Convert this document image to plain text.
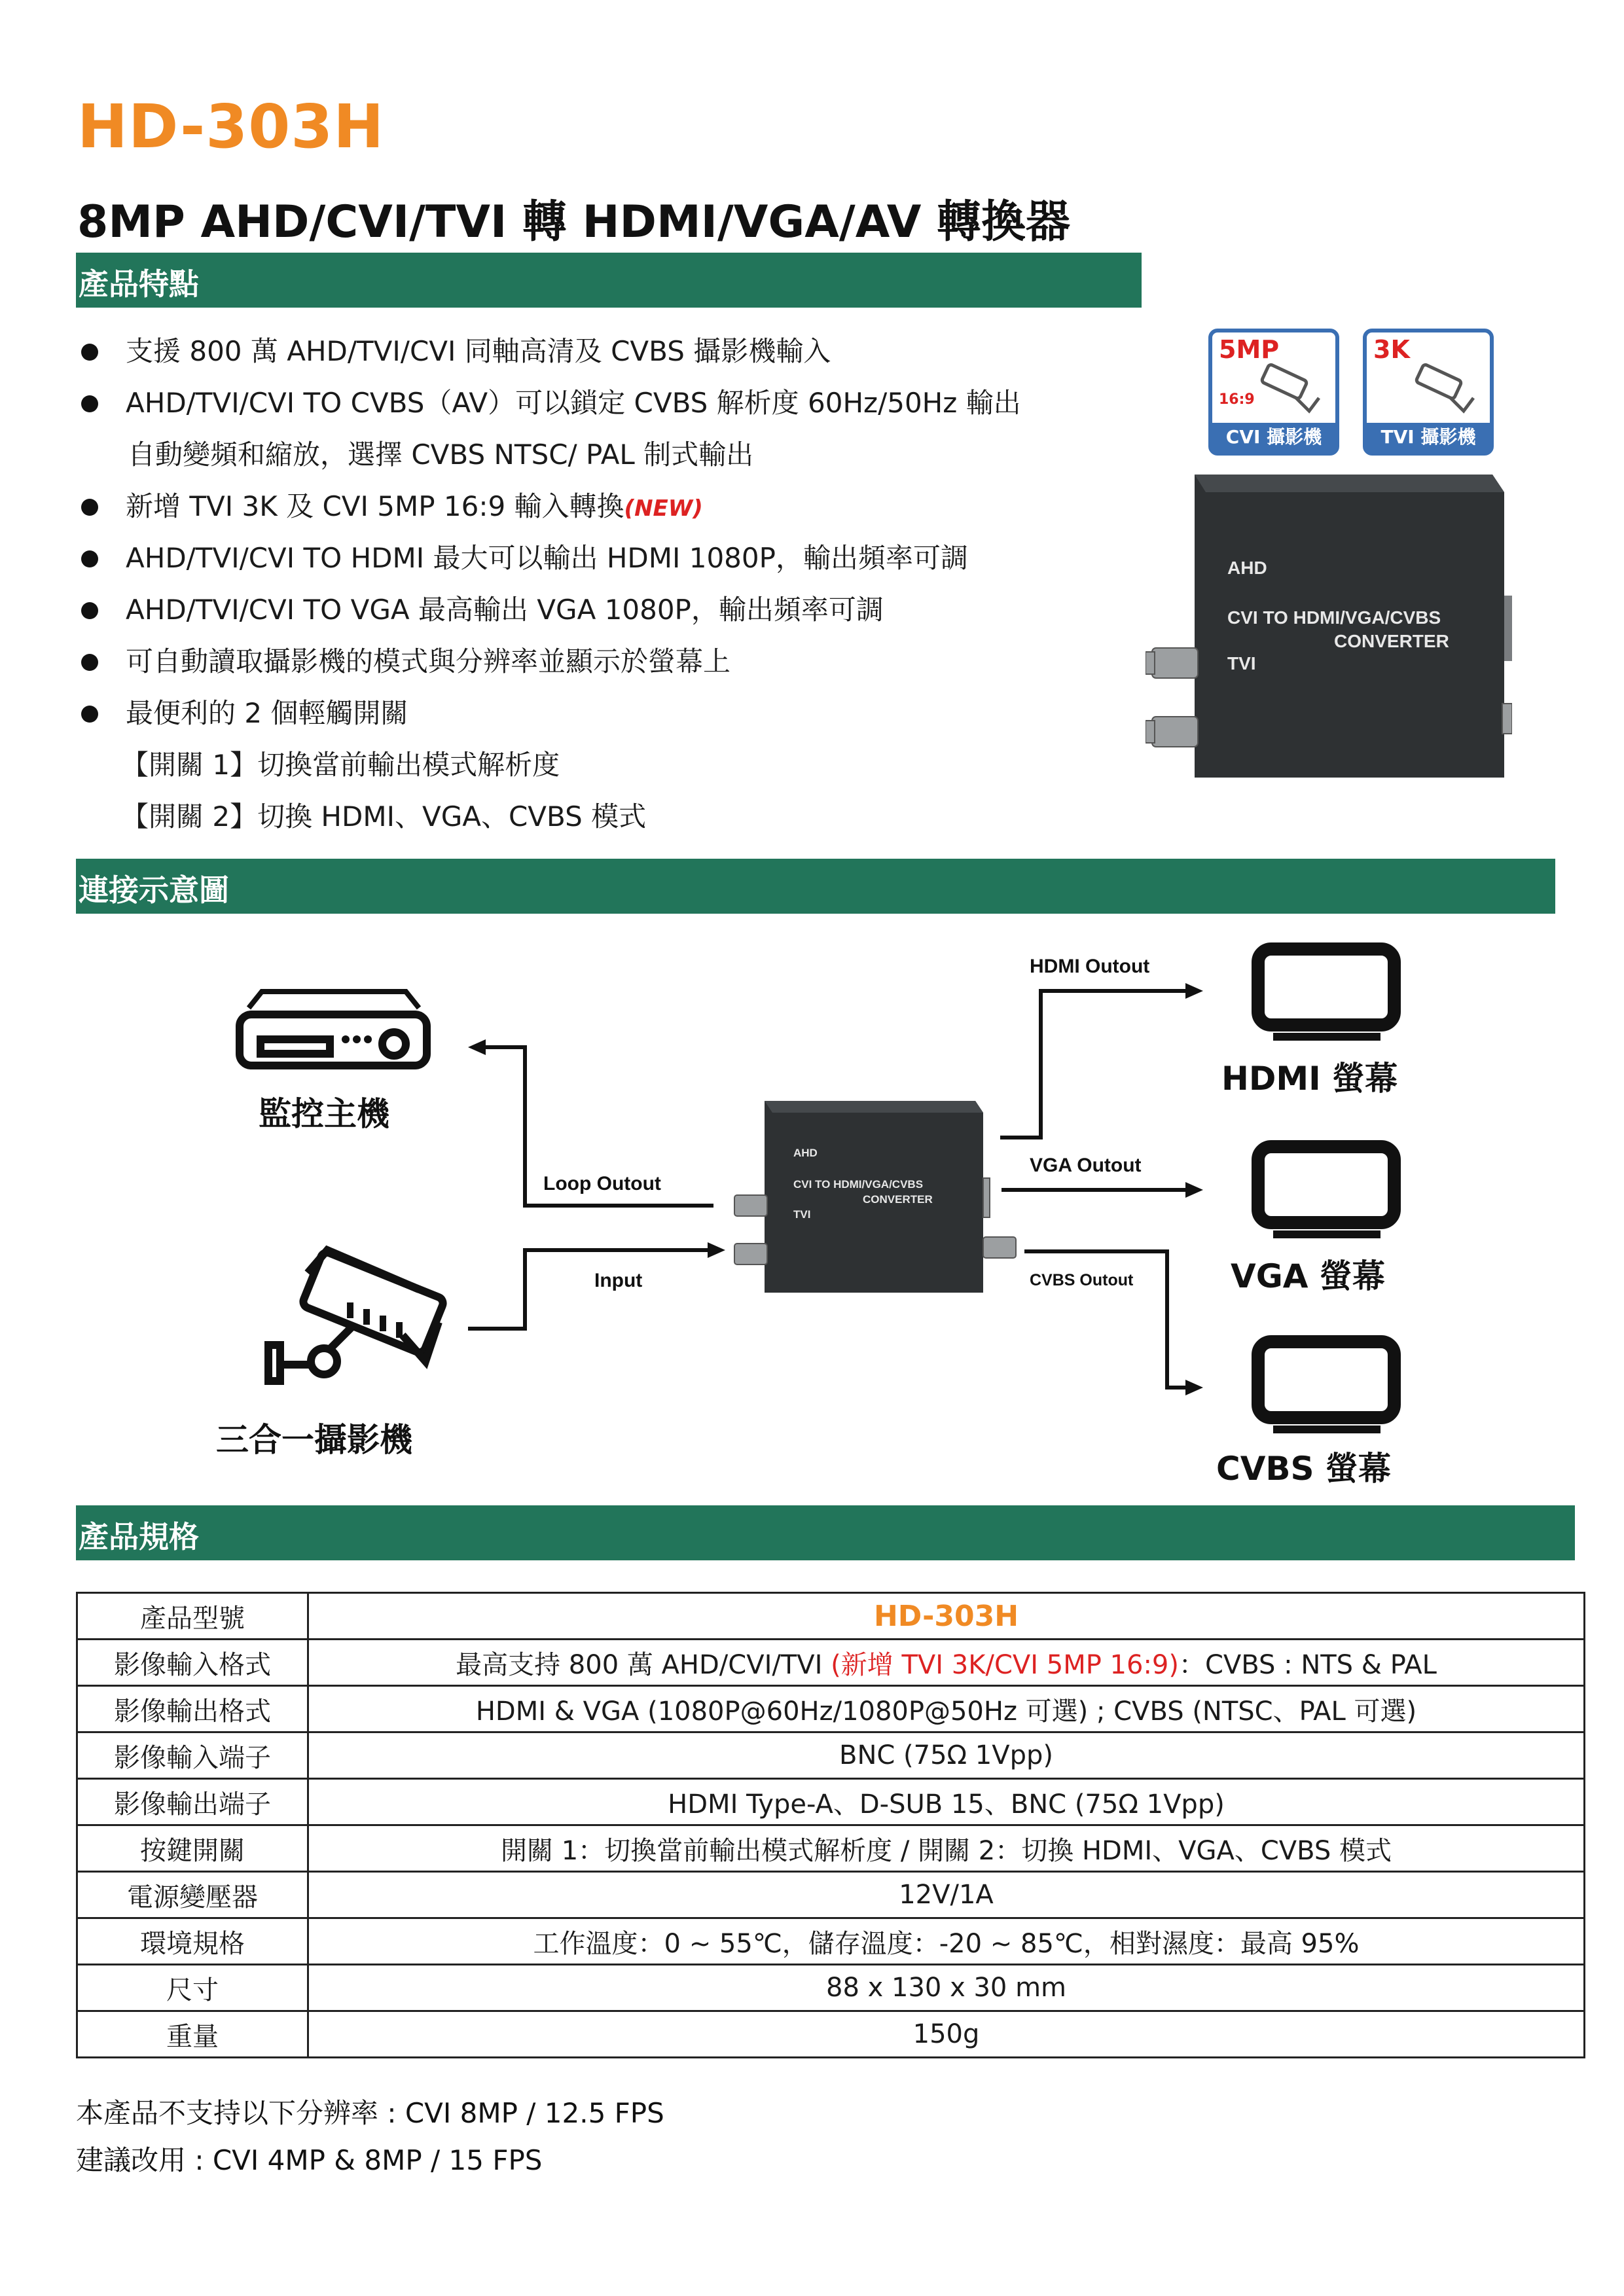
HD-303H
8MP AHD/CVI/TVI 轉 HDMI/VGA/AV 轉換器
產品特點
支援 800 萬 AHD/TVI/CVI 同軸高清及 CVBS 攝影機輸入
AHD/TVI/CVI TO CVBS（AV）可以鎖定 CVBS 解析度 60Hz/50Hz 輸出
自動變頻和縮放，選擇 CVBS NTSC/ PAL 制式輸出
新增 TVI 3K 及 CVI 5MP 16:9 輸入轉換(NEW)
AHD/TVI/CVI TO HDMI 最大可以輸出 HDMI 1080P，輸出頻率可調
AHD/TVI/CVI TO VGA 最高輸出 VGA 1080P，輸出頻率可調
可自動讀取攝影機的模式與分辨率並顯示於螢幕上
最便利的 2 個輕觸開關
【開關 1】切換當前輸出模式解析度
【開關 2】切換 HDMI、VGA、CVBS 模式
5MP
16:9
CVI 攝影機
3K
TVI 攝影機
AHD
CVI TO HDMI/VGA/CVBS
CONVERTER
TVI
連接示意圖
AHD
CVI TO HDMI/VGA/CVBS
CONVERTER
TVI
HDMI Outout
VGA Outout
CVBS Outout
Loop Outout
Input
監控主機
三合一攝影機
HDMI 螢幕
VGA 螢幕
CVBS 螢幕
產品規格
產品型號	HD-303H
影像輸入格式	最高支持 800 萬 AHD/CVI/TVI (新增 TVI 3K/CVI 5MP 16:9)：CVBS : NTS & PAL
影像輸出格式	HDMI & VGA (1080P@60Hz/1080P@50Hz 可選) ; CVBS (NTSC、PAL 可選)
影像輸入端子	BNC (75Ω 1Vpp)
影像輸出端子	HDMI Type-A、D-SUB 15、BNC (75Ω 1Vpp)
按鍵開關	開關 1：切換當前輸出模式解析度 / 開關 2：切換 HDMI、VGA、CVBS 模式
電源變壓器	12V/1A
環境規格	工作溫度：0 ~ 55℃，儲存溫度：-20 ~ 85℃，相對濕度：最高 95%
尺寸	88 x 130 x 30 mm
重量	150g
本產品不支持以下分辨率 : CVI 8MP / 12.5 FPS
建議改用 : CVI 4MP & 8MP / 15 FPS
